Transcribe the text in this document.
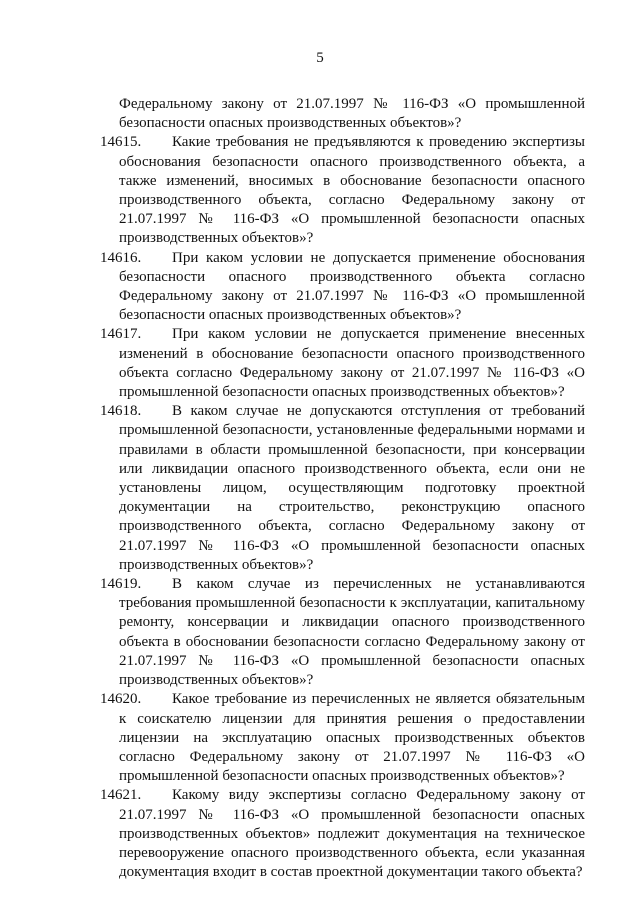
5

Федеральному закону от 21.07.1997 № 116-ФЗ «О промышленной безопасности опасных производственных объектов»?

14615. Какие требования не предъявляются к проведению экспертизы обоснования безопасности опасного производственного объекта, а также изменений, вносимых в обоснование безопасности опасного производственного объекта, согласно Федеральному закону от 21.07.1997 № 116-ФЗ «О промышленной безопасности опасных производственных объектов»?

14616. При каком условии не допускается применение обоснования безопасности опасного производственного объекта согласно Федеральному закону от 21.07.1997 № 116-ФЗ «О промышленной безопасности опасных производственных объектов»?

14617. При каком условии не допускается применение внесенных изменений в обоснование безопасности опасного производственного объекта согласно Федеральному закону от 21.07.1997 № 116-ФЗ «О промышленной безопасности опасных производственных объектов»?

14618. В каком случае не допускаются отступления от требований промышленной безопасности, установленные федеральными нормами и правилами в области промышленной безопасности, при консервации или ликвидации опасного производственного объекта, если они не установлены лицом, осуществляющим подготовку проектной документации на строительство, реконструкцию опасного производственного объекта, согласно Федеральному закону от 21.07.1997 № 116-ФЗ «О промышленной безопасности опасных производственных объектов»?

14619. В каком случае из перечисленных не устанавливаются требования промышленной безопасности к эксплуатации, капитальному ремонту, консервации и ликвидации опасного производственного объекта в обосновании безопасности согласно Федеральному закону от 21.07.1997 № 116-ФЗ «О промышленной безопасности опасных производственных объектов»?

14620. Какое требование из перечисленных не является обязательным к соискателю лицензии для принятия решения о предоставлении лицензии на эксплуатацию опасных производственных объектов согласно Федеральному закону от 21.07.1997 № 116-ФЗ «О промышленной безопасности опасных производственных объектов»?

14621. Какому виду экспертизы согласно Федеральному закону от 21.07.1997 № 116-ФЗ «О промышленной безопасности опасных производственных объектов» подлежит документация на техническое перевооружение опасного производственного объекта, если указанная документация входит в состав проектной документации такого объекта?
